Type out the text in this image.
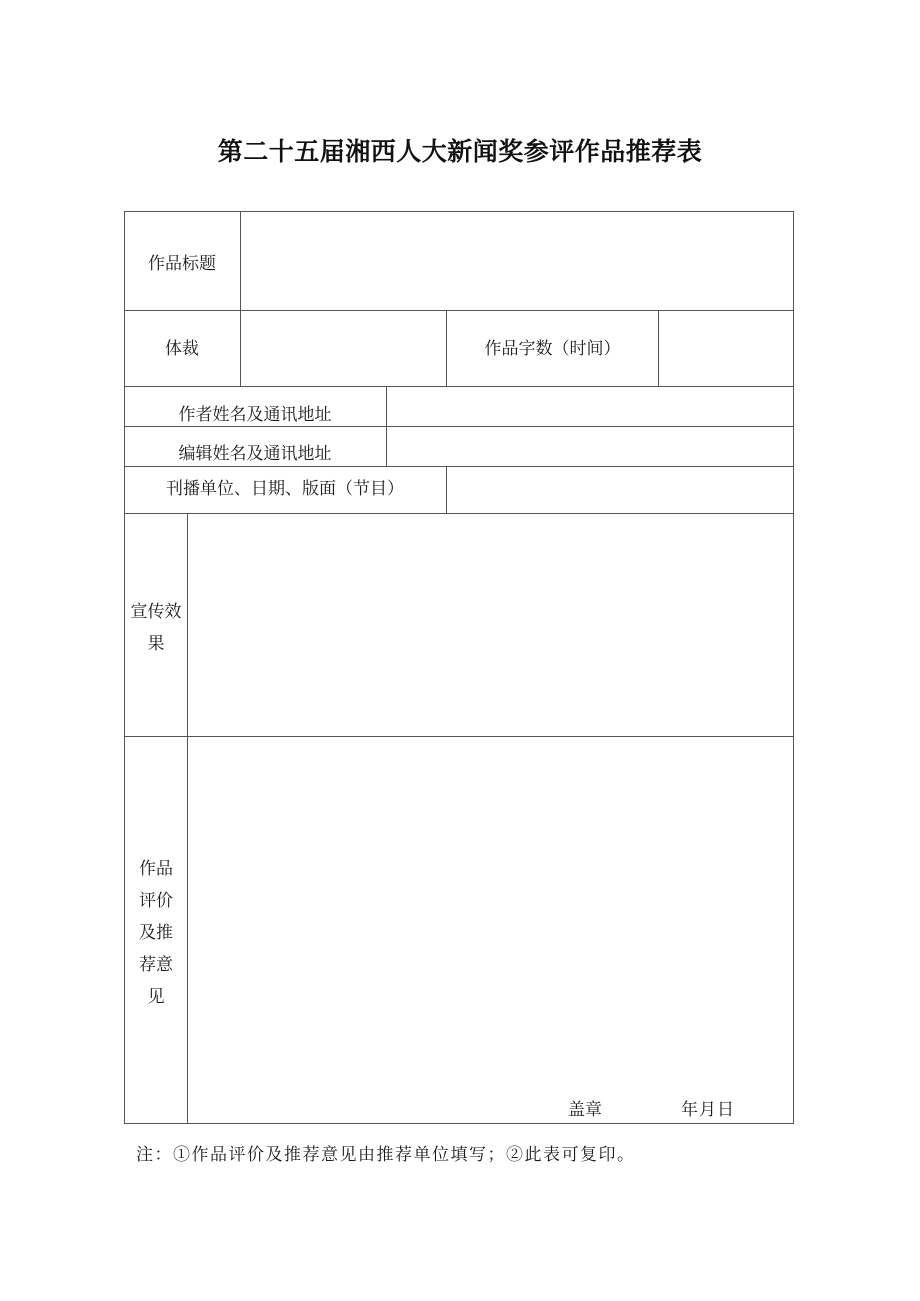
第二十五届湘西人大新闻奖参评作品推荐表
作品标题
体裁	作品字数（时间）
作者姓名及通讯地址
编辑姓名及通讯地址
刊播单位、日期、版面（节目）
宣传效果
作品评价及推荐意见
盖章	年月日
注：①作品评价及推荐意见由推荐单位填写；②此表可复印。
